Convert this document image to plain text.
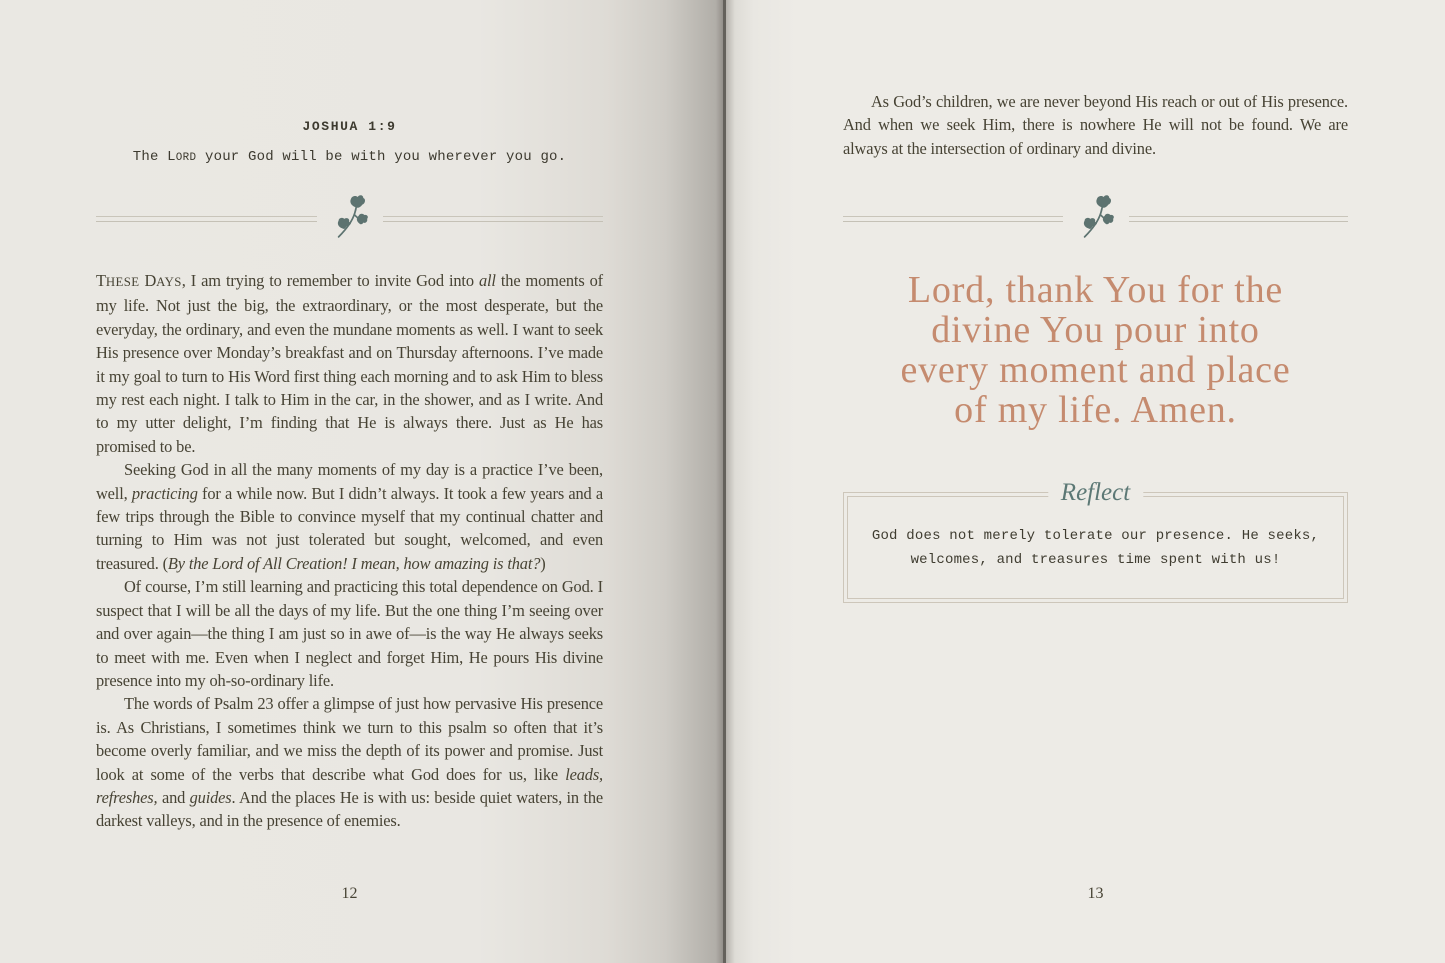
JOSHUA 1:9
The LORD your God will be with you wherever you go.

THESE DAYS, I am trying to remember to invite God into all the moments of my life. Not just the big, the extraordinary, or the most desperate, but the everyday, the ordinary, and even the mundane moments as well. I want to seek His presence over Monday’s breakfast and on Thursday afternoons. I’ve made it my goal to turn to His Word first thing each morning and to ask Him to bless my rest each night. I talk to Him in the car, in the shower, and as I write. And to my utter delight, I’m finding that He is always there. Just as He has promised to be.

Seeking God in all the many moments of my day is a practice I’ve been, well, practicing for a while now. But I didn’t always. It took a few years and a few trips through the Bible to convince myself that my continual chatter and turning to Him was not just tolerated but sought, welcomed, and even treasured. (By the Lord of All Creation! I mean, how amazing is that?)

Of course, I’m still learning and practicing this total dependence on God. I suspect that I will be all the days of my life. But the one thing I’m seeing over and over again—the thing I am just so in awe of—is the way He always seeks to meet with me. Even when I neglect and forget Him, He pours His divine presence into my oh-so-ordinary life.

The words of Psalm 23 offer a glimpse of just how pervasive His presence is. As Christians, I sometimes think we turn to this psalm so often that it’s become overly familiar, and we miss the depth of its power and promise. Just look at some of the verbs that describe what God does for us, like leads, refreshes, and guides. And the places He is with us: beside quiet waters, in the darkest valleys, and in the presence of enemies.

12

As God’s children, we are never beyond His reach or out of His presence. And when we seek Him, there is nowhere He will not be found. We are always at the intersection of ordinary and divine.

Lord, thank You for the
divine You pour into
every moment and place
of my life. Amen.
Reflect
God does not merely tolerate our presence. He seeks,
welcomes, and treasures time spent with us!
13
